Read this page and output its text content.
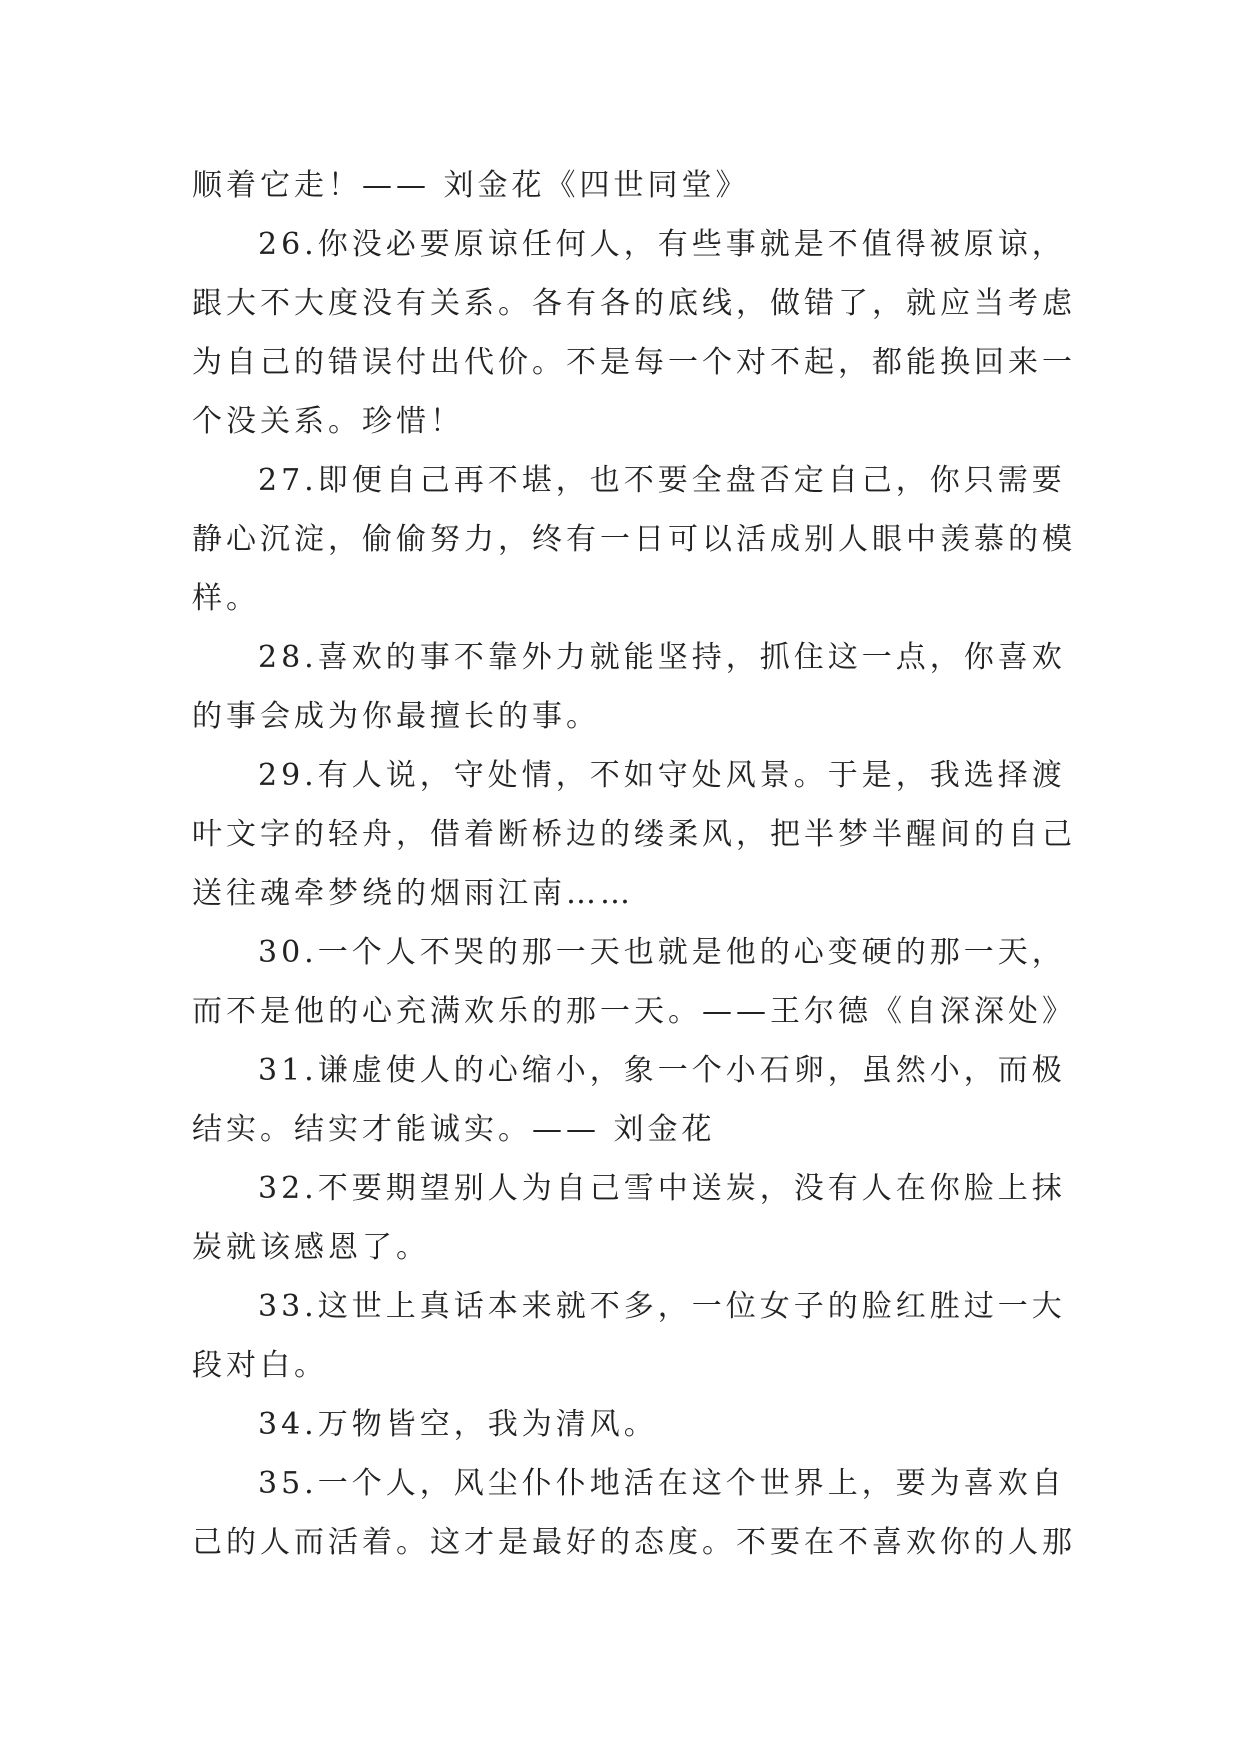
顺着它走！—— 刘金花《四世同堂》
26.你没必要原谅任何人，有些事就是不值得被原谅，
跟大不大度没有关系。各有各的底线，做错了，就应当考虑
为自己的错误付出代价。不是每一个对不起，都能换回来一
个没关系。珍惜！
27.即便自己再不堪，也不要全盘否定自己，你只需要
静心沉淀，偷偷努力，终有一日可以活成别人眼中羡慕的模
样。
28.喜欢的事不靠外力就能坚持，抓住这一点，你喜欢
的事会成为你最擅长的事。
29.有人说，守处情，不如守处风景。于是，我选择渡
叶文字的轻舟，借着断桥边的缕柔风，把半梦半醒间的自己
送往魂牵梦绕的烟雨江南……
30.一个人不哭的那一天也就是他的心变硬的那一天，
而不是他的心充满欢乐的那一天。——王尔德《自深深处》
31.谦虚使人的心缩小，象一个小石卵，虽然小，而极
结实。结实才能诚实。—— 刘金花
32.不要期望别人为自己雪中送炭，没有人在你脸上抹
炭就该感恩了。
33.这世上真话本来就不多，一位女子的脸红胜过一大
段对白。
34.万物皆空，我为清风。
35.一个人，风尘仆仆地活在这个世界上，要为喜欢自
己的人而活着。这才是最好的态度。不要在不喜欢你的人那
